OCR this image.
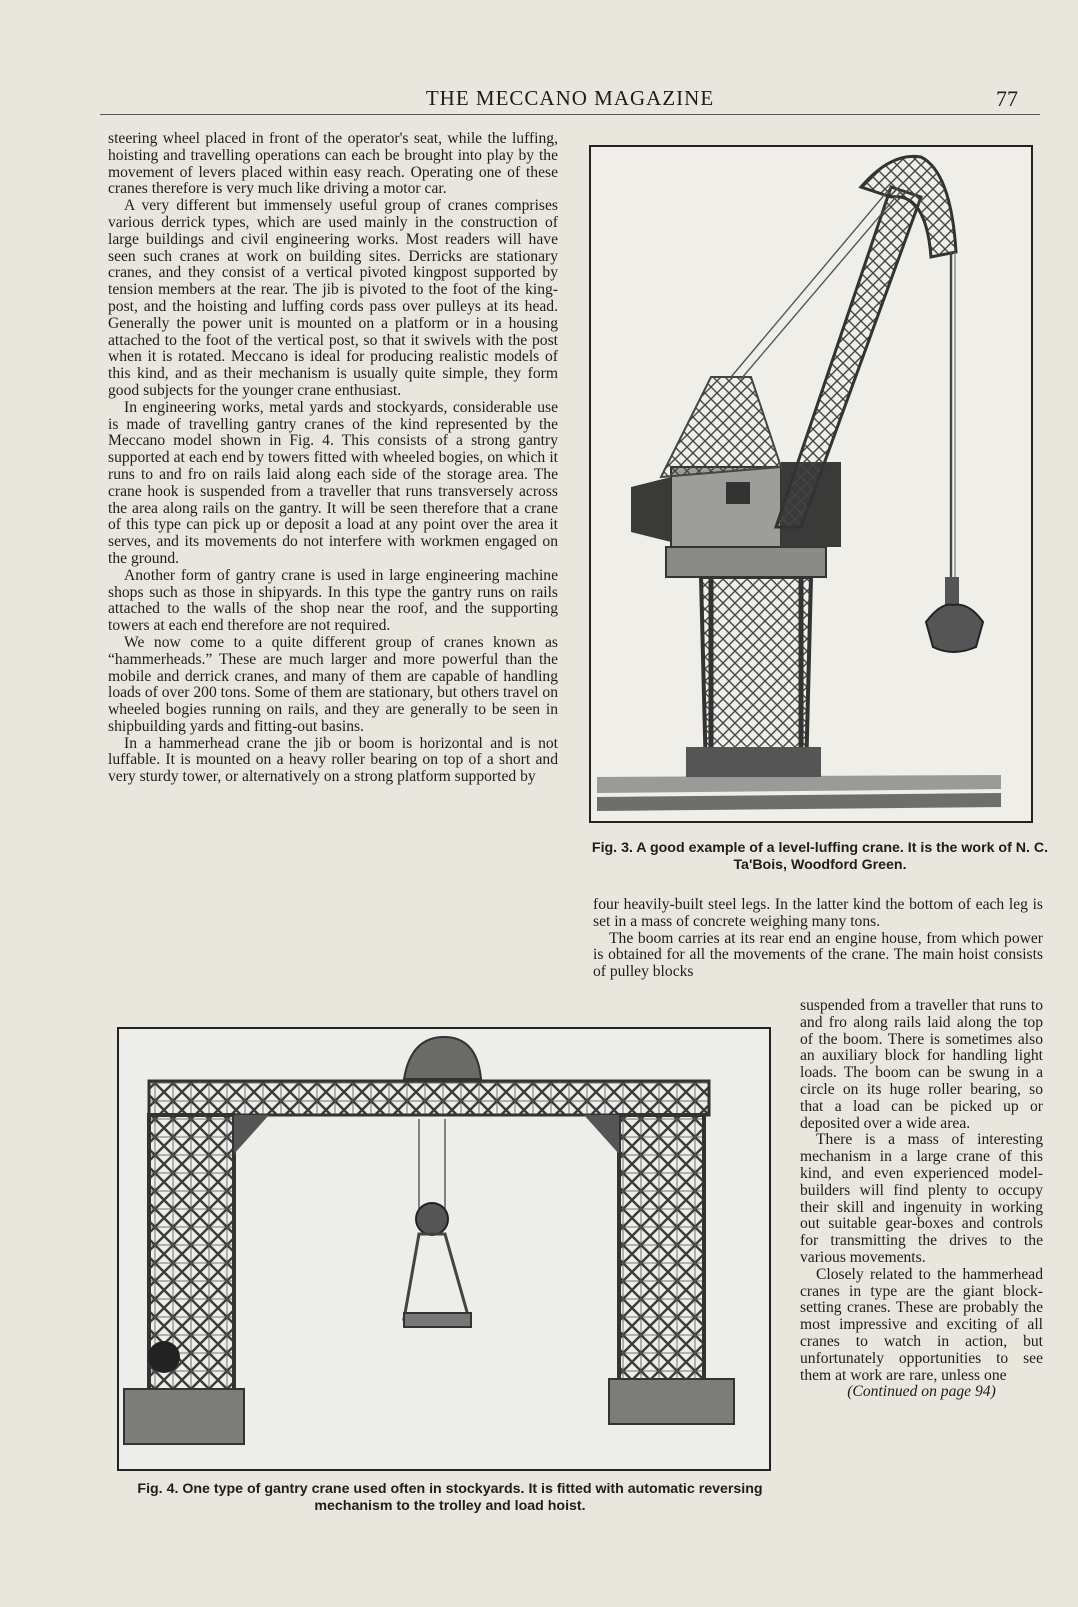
THE MECCANO MAGAZINE	77

steering wheel placed in front of the operator's seat, while the luffing, hoisting and travelling operations can each be brought into play by the movement of levers placed within easy reach. Operating one of these cranes therefore is very much like driving a motor car.

A very different but immensely useful group of cranes comprises various derrick types, which are used mainly in the construction of large buildings and civil engineering works. Most readers will have seen such cranes at work on building sites. Derricks are stationary cranes, and they consist of a vertical pivoted kingpost supported by tension members at the rear. The jib is pivoted to the foot of the king-post, and the hoisting and luffing cords pass over pulleys at its head. Generally the power unit is mounted on a platform or in a housing attached to the foot of the vertical post, so that it swivels with the post when it is rotated. Meccano is ideal for producing realistic models of this kind, and as their mechanism is usually quite simple, they form good subjects for the younger crane enthusiast.

In engineering works, metal yards and stockyards, considerable use is made of travelling gantry cranes of the kind represented by the Meccano model shown in Fig. 4. This consists of a strong gantry supported at each end by towers fitted with wheeled bogies, on which it runs to and fro on rails laid along each side of the storage area. The crane hook is suspended from a traveller that runs transversely across the area along rails on the gantry. It will be seen therefore that a crane of this type can pick up or deposit a load at any point over the area it serves, and its movements do not interfere with workmen engaged on the ground.

Another form of gantry crane is used in large engineering machine shops such as those in shipyards. In this type the gantry runs on rails attached to the walls of the shop near the roof, and the supporting towers at each end therefore are not required.

We now come to a quite different group of cranes known as “hammerheads.” These are much larger and more powerful than the mobile and derrick cranes, and many of them are capable of handling loads of over 200 tons. Some of them are stationary, but others travel on wheeled bogies running on rails, and they are generally to be seen in shipbuilding yards and fitting-out basins.

In a hammerhead crane the jib or boom is horizontal and is not luffable. It is mounted on a heavy roller bearing on top of a short and very sturdy tower, or alternatively on a strong platform supported by

Fig. 3. A good example of a level-luffing crane. It is the work of N. C. Ta'Bois, Woodford Green.

four heavily-built steel legs. In the latter kind the bottom of each leg is set in a mass of concrete weighing many tons.

The boom carries at its rear end an engine house, from which power is obtained for all the movements of the crane. The main hoist consists of pulley blocks

suspended from a traveller that runs to and fro along rails laid along the top of the boom. There is sometimes also an auxiliary block for handling light loads. The boom can be swung in a circle on its huge roller bearing, so that a load can be picked up or deposited over a wide area.

There is a mass of interesting mechanism in a large crane of this kind, and even experienced model-builders will find plenty to occupy their skill and ingenuity in working out suitable gear-boxes and controls for transmitting the drives to the various movements.

Closely related to the hammerhead cranes in type are the giant block-setting cranes. These are probably the most impressive and exciting of all cranes to watch in action, but unfortunately opportunities to see them at work are rare, unless one

(Continued on page 94)

Fig. 4. One type of gantry crane used often in stockyards. It is fitted with automatic reversing mechanism to the trolley and load hoist.
